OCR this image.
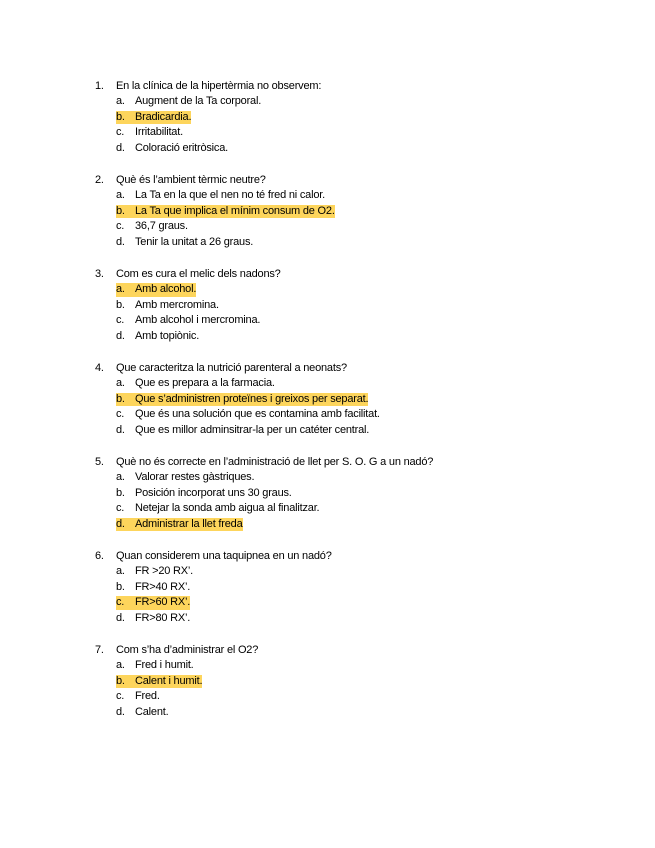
1. En la clínica de la hipertèrmia no observem:
a. Augment de la Ta corporal.
b. Bradicardia.
c. Irritabilitat.
d. Coloració eritròsica.
2. Què és l’ambient tèrmic neutre?
a. La Ta en la que el nen no té fred ni calor.
b. La Ta que implica el mínim consum de O2.
c. 36,7 graus.
d. Tenir la unitat a 26 graus.
3. Com es cura el melic dels nadons?
a. Amb alcohol.
b. Amb mercromina.
c. Amb alcohol i mercromina.
d. Amb topiònic.
4. Que caracteritza la nutrició parenteral a neonats?
a. Que es prepara a la farmacia.
b. Que s’administren proteïnes i greixos per separat.
c. Que és una solución que es contamina amb facilitat.
d. Que es millor adminsitrar-la per un catéter central.
5. Què no és correcte en l’administració de llet per S. O. G a un nadó?
a. Valorar restes gàstriques.
b. Posición incorporat uns 30 graus.
c. Netejar la sonda amb aigua al finalitzar.
d. Administrar la llet freda
6. Quan considerem una taquipnea en un nadó?
a. FR >20 RX’.
b. FR>40 RX’.
c. FR>60 RX’.
d. FR>80 RX’.
7. Com s’ha d’administrar el O2?
a. Fred i humit.
b. Calent i humit.
c. Fred.
d. Calent.
